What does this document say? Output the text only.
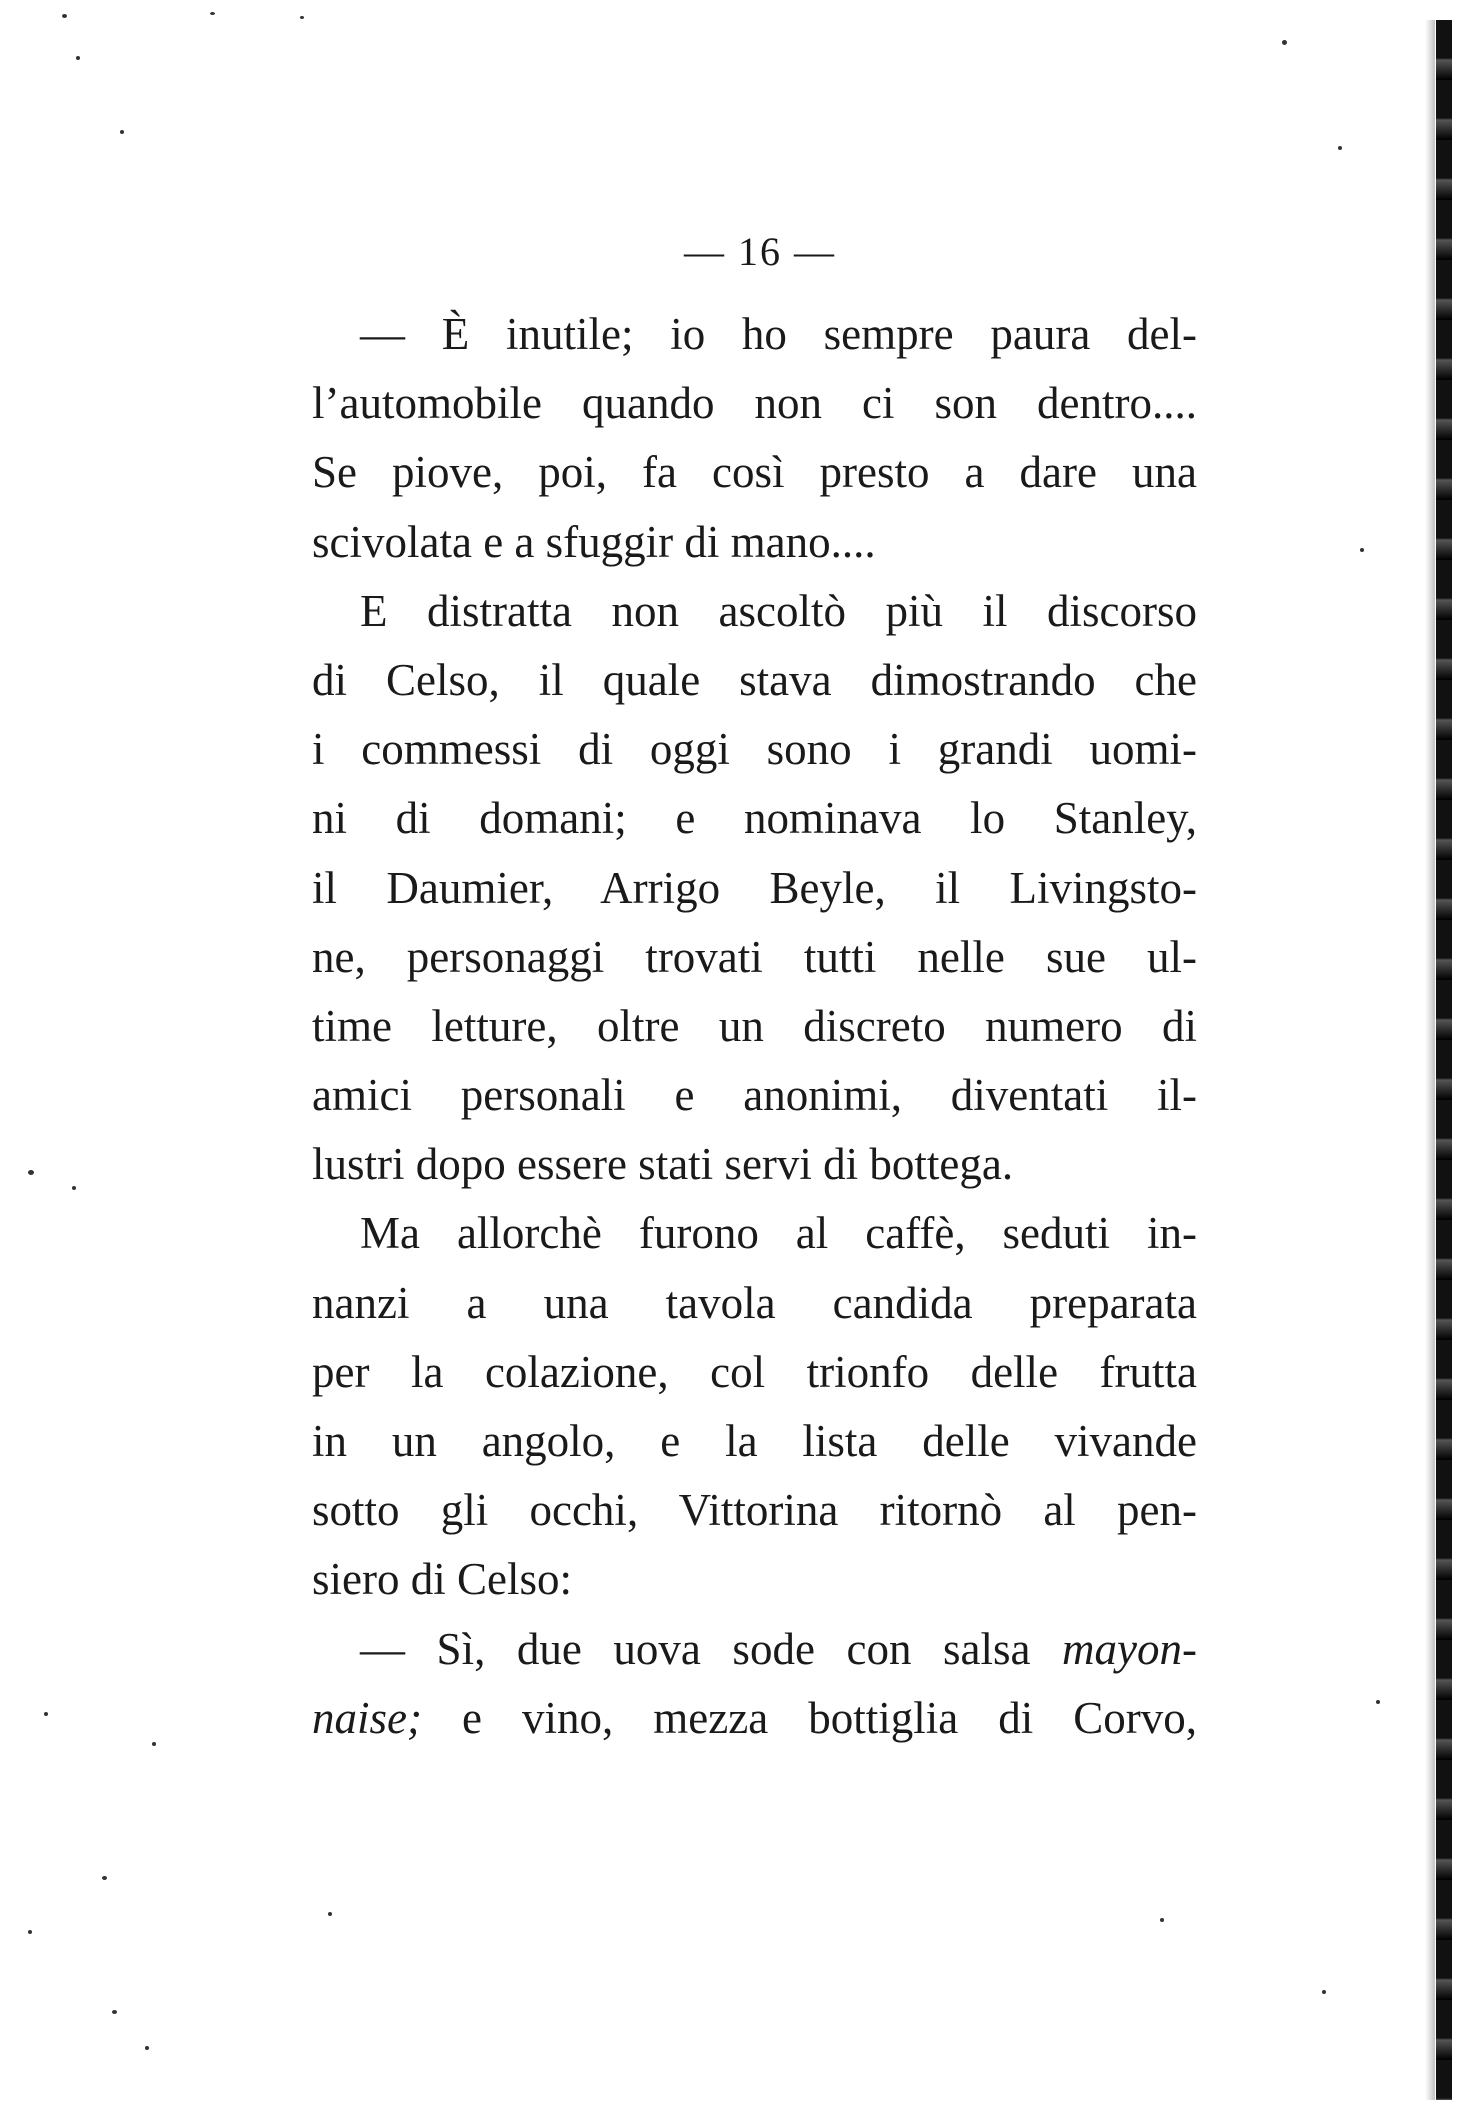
— 16 —
— È inutile; io ho sempre paura del-
l’automobile quando non ci son dentro....
Se piove, poi, fa così presto a dare una
scivolata e a sfuggir di mano....
E distratta non ascoltò più il discorso
di Celso, il quale stava dimostrando che
i commessi di oggi sono i grandi uomi-
ni di domani; e nominava lo Stanley,
il Daumier, Arrigo Beyle, il Livingsto-
ne, personaggi trovati tutti nelle sue ul-
time letture, oltre un discreto numero di
amici personali e anonimi, diventati il-
lustri dopo essere stati servi di bottega.
Ma allorchè furono al caffè, seduti in-
nanzi a una tavola candida preparata
per la colazione, col trionfo delle frutta
in un angolo, e la lista delle vivande
sotto gli occhi, Vittorina ritornò al pen-
siero di Celso:
— Sì, due uova sode con salsa mayon-
naise; e vino, mezza bottiglia di Corvo,
